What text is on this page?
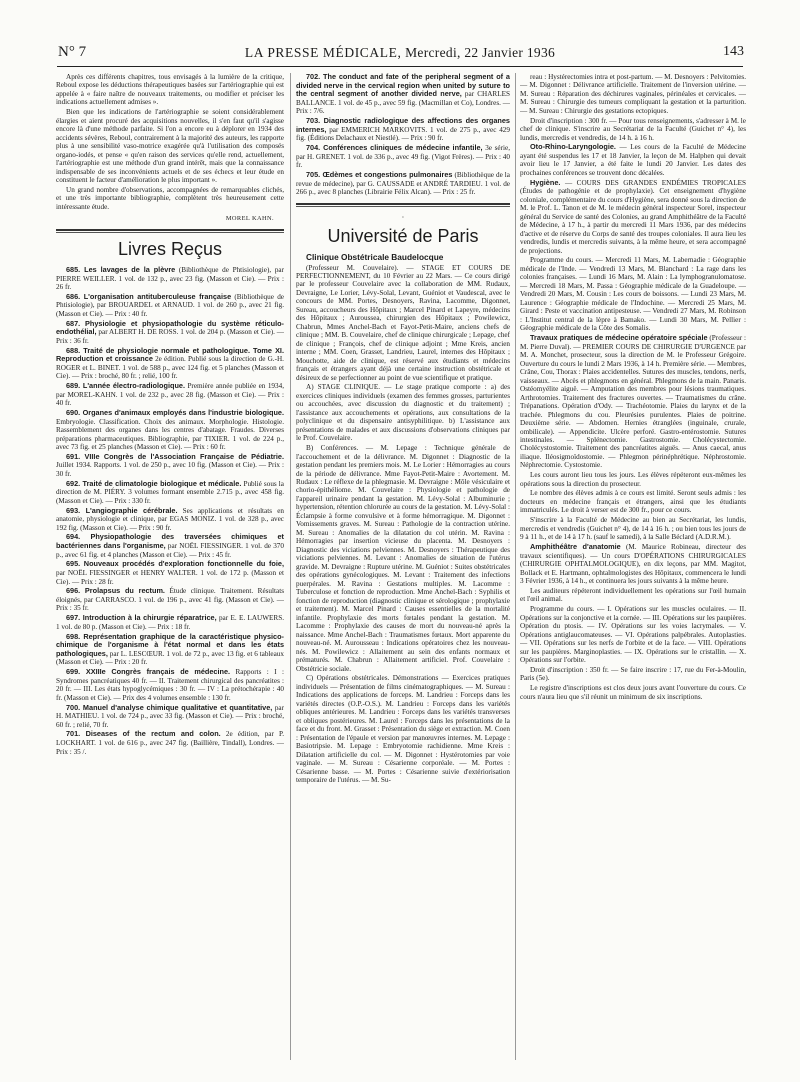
N° 7	LA PRESSE MÉDICALE, Mercredi, 22 Janvier 1936	143

Après ces différents chapitres, tous envisagés à la lumière de la critique, Reboul expose les déductions thérapeutiques basées sur l'artériographie qui est appelée à « faire naître de nouveaux traitements, ou modifier et préciser les indications actuellement admises ».

Bien que les indications de l'artériographie se soient considérablement élargies et aient procuré des acquisitions nouvelles, il s'en faut qu'il s'agisse encore là d'une méthode parfaite. Si l'on a encore eu à déplorer en 1934 des accidents sévères, Reboul, contrairement à la majorité des auteurs, les rapporte plus à une sensibilité vaso-motrice exagérée qu'à l'utilisation des composés organo-iodés, et pense « qu'en raison des services qu'elle rend, actuellement, l'artériographie est une méthode d'un grand intérêt, mais que la connaissance indispensable de ses inconvénients actuels et de ses échecs et leur étude en constituent le facteur d'amélioration le plus important ».

Un grand nombre d'observations, accompagnées de remarquables clichés, et une très importante bibliographie, complètent très heureusement cette intéressante étude.

MOREL KAHN.
Livres Reçus

685. Les lavages de la plèvre (Bibliothèque de Phtisiologie), par PIERRE WEILLER. 1 vol. de 132 p., avec 23 fig. (Masson et Cie). — Prix : 26 fr.

686. L'organisation antituberculeuse française (Bibliothèque de Phtisiologie), par BROUARDEL et ARNAUD. 1 vol. de 260 p., avec 21 fig. (Masson et Cie). — Prix : 40 fr.

687. Physiologie et physiopathologie du système réticulo-endothélial, par ALBERT H. DE ROSS. 1 vol. de 204 p. (Masson et Cie). — Prix : 36 fr.

688. Traité de physiologie normale et pathologique. Tome XI. Reproduction et croissance 2e édition. Publié sous la direction de G.-H. ROGER et L. BINET. 1 vol. de 588 p., avec 124 fig. et 5 planches (Masson et Cie). — Prix : broché, 80 fr. ; relié, 100 fr.

689. L'année électro-radiologique. Première année publiée en 1934, par MOREL-KAHN. 1 vol. de 232 p., avec 28 fig. (Masson et Cie). — Prix : 40 fr.

690. Organes d'animaux employés dans l'industrie biologique. Embryologie. Classification. Choix des animaux. Morphologie. Histologie. Rassemblement des organes dans les centres d'abatage. Fraudes. Diverses préparations pharmaceutiques. Bibliographie, par TIXIER. 1 vol. de 224 p., avec 73 fig. et 25 planches (Masson et Cie). — Prix : 60 fr.

691. VIIIe Congrès de l'Association Française de Pédiatrie. Juillet 1934. Rapports. 1 vol. de 250 p., avec 10 fig. (Masson et Cie). — Prix : 30 fr.

692. Traité de climatologie biologique et médicale. Publié sous la direction de M. PIÉRY. 3 volumes formant ensemble 2.715 p., avec 458 fig. (Masson et Cie). — Prix : 330 fr.

693. L'angiographie cérébrale. Ses applications et résultats en anatomie, physiologie et clinique, par EGAS MONIZ. 1 vol. de 328 p., avec 192 fig. (Masson et Cie). — Prix : 90 fr.

694. Physiopathologie des traversées chimiques et bactériennes dans l'organisme, par NOËL FIESSINGER. 1 vol. de 370 p., avec 61 fig. et 4 planches (Masson et Cie). — Prix : 45 fr.

695. Nouveaux procédés d'exploration fonctionnelle du foie, par NOËL FIESSINGER et HENRY WALTER. 1 vol. de 172 p. (Masson et Cie). — Prix : 28 fr.

696. Prolapsus du rectum. Étude clinique. Traitement. Résultats éloignés, par CARRASCO. 1 vol. de 196 p., avec 41 fig. (Masson et Cie). — Prix : 35 fr.

697. Introduction à la chirurgie réparatrice, par E. E. LAUWERS. 1 vol. de 80 p. (Masson et Cie). — Prix : 18 fr.

698. Représentation graphique de la caractéristique physico-chimique de l'organisme à l'état normal et dans les états pathologiques, par L. LESCŒUR. 1 vol. de 72 p., avec 13 fig. et 6 tableaux (Masson et Cie). — Prix : 20 fr.

699. XXIIIe Congrès français de médecine. Rapports : I : Syndromes pancréatiques 40 fr. — II. Traitement chirurgical des pancréatites : 20 fr. — III. Les états hypoglycémiques : 30 fr. — IV : La prétochérapie : 40 fr. (Masson et Cie). — Prix des 4 volumes ensemble : 130 fr.

700. Manuel d'analyse chimique qualitative et quantitative, par H. MATHIEU. 1 vol. de 724 p., avec 33 fig. (Masson et Cie). — Prix : broché, 60 fr. ; relié, 70 fr.

701. Diseases of the rectum and colon. 2e édition, par P. LOCKHART. 1 vol. de 616 p., avec 247 fig. (Baillière, Tindall), Londres. — Prix : 35 /.

702. The conduct and fate of the peripheral segment of a divided nerve in the cervical region when united by suture to the central segment of another divided nerve, par CHARLES BALLANCE. 1 vol. de 45 p., avec 59 fig. (Macmillan et Co), Londres. — Prix : 7/6.

703. Diagnostic radiologique des affections des organes internes, par EMMERICH MARKOVITS. 1 vol. de 275 p., avec 429 fig. (Éditions Delachaux et Niestlé). — Prix : 90 fr.

704. Conférences cliniques de médecine infantile, 3e série, par H. GRENET. 1 vol. de 336 p., avec 49 fig. (Vigot Frères). — Prix : 40 fr.

705. Œdèmes et congestions pulmonaires (Bibliothèque de la revue de médecine), par G. CAUSSADE et ANDRÉ TARDIEU. 1 vol. de 266 p., avec 8 planches (Librairie Félix Alcan). — Prix : 25 fr.

·
Université de Paris
Clinique Obstétricale Baudelocque

(Professeur M. Couvelaire). — STAGE ET COURS DE PERFECTIONNEMENT, du 10 Février au 22 Mars. — Ce cours dirigé par le professeur Couvelaire avec la collaboration de MM. Rudaux, Devraigne, Le Lorier, Lévy-Solal, Levant, Guéniot et Vaudescal, avec le concours de MM. Portes, Desnoyers, Ravina, Lacomme, Digonnet, Sureau, accoucheurs des Hôpitaux ; Marcel Pinard et Lapeyre, médecins des Hôpitaux ; Auroussea, chirurgien des Hôpitaux ; Powilewicz, Chabrun, Mmes Anchel-Bach et Fayot-Petit-Maire, anciens chefs de clinique ; MM. B. Couvelaire, chef de clinique chirurgicale ; Lepage, chef de clinique ; François, chef de clinique adjoint ; Mme Kreis, ancien interne ; MM. Coen, Grasset, Landrieu, Laurel, internes des Hôpitaux ; Mouchotte, aide de clinique, est réservé aux étudiants et médecins français et étrangers ayant déjà une certaine instruction obstétricale et désireux de se perfectionner au point de vue scientifique et pratique.

A) STAGE CLINIQUE. — Le stage pratique comporte : a) des exercices cliniques individuels (examen des femmes grosses, parturientes ou accouchées, avec discussion du diagnostic et du traitement) ; l'assistance aux accouchements et opérations, aux consultations de la polyclinique et du dispensaire antisyphilitique. b) L'assistance aux présentations de malades et aux discussions d'observations cliniques par le Prof. Couvelaire.

B) Conférences. — M. Lepage : Technique générale de l'accouchement et de la délivrance. M. Digonnet : Diagnostic de la gestation pendant les premiers mois. M. Le Lorier : Hémorragies au cours de la période de délivrance. Mme Fayot-Petit-Maire : Avortement. M. Rudaux : Le réflexe de la phlegmasie. M. Devraigne : Môle vésiculaire et chorio-épithéliome. M. Couvelaire : Physiologie et pathologie de l'appareil urinaire pendant la gestation. M. Lévy-Solal : Albuminurie ; hypertension, rétention chlorurée au cours de la gestation. M. Lévy-Solal : Éclampsie à forme convulsive et à forme hémorragique. M. Digonnet : Vomissements graves. M. Sureau : Pathologie de la contraction utérine. M. Sureau : Anomalies de la dilatation du col utérin. M. Ravina : Hémorragies par insertion vicieuse du placenta. M. Desnoyers : Diagnostic des viciations pelviennes. M. Desnoyers : Thérapeutique des viciations pelviennes. M. Levant : Anomalies de situation de l'utérus gravide. M. Devraigne : Rupture utérine. M. Guéniot : Suites obstétricales des opérations gynécologiques. M. Levant : Traitement des infections puerpérales. M. Ravina : Gestations multiples. M. Lacomme : Tuberculose et fonction de reproduction. Mme Anchel-Bach : Syphilis et fonction de reproduction (diagnostic clinique et sérologique ; prophylaxie et traitement). M. Marcel Pinard : Causes essentielles de la mortalité infantile. Prophylaxie des morts fœtales pendant la gestation. M. Lacomme : Prophylaxie des causes de mort du nouveau-né après la naissance. Mme Anchel-Bach : Traumatismes fœtaux. Mort apparente du nouveau-né. M. Aurousseau : Indications opératoires chez les nouveau-nés. M. Powilewicz : Allaitement au sein des enfants normaux et prématurés. M. Chabrun : Allaitement artificiel. Prof. Couvelaire : Obstétricie sociale.

C) Opérations obstétricales. Démonstrations — Exercices pratiques individuels — Présentation de films cinématographiques. — M. Sureau : Indications des applications de forceps. M. Landrieu : Forceps dans les variétés directes (O.P.-O.S.). M. Landrieu : Forceps dans les variétés obliques antérieures. M. Landrieu : Forceps dans les variétés transverses et obliques postérieures. M. Laurel : Forceps dans les présentations de la face et du front. M. Grasset : Présentation du siège et extraction. M. Coen : Présentation de l'épaule et version par manœuvres internes. M. Lepage : Basiotripsie. M. Lepage : Embryotomie rachidienne. Mme Kreis : Dilatation artificielle du col. — M. Digonnet : Hystérotomies par voie vaginale. — M. Sureau : Césarienne corporéale. — M. Portes : Césarienne basse. — M. Portes : Césarienne suivie d'extériorisation temporaire de l'utérus. — M. Su-

reau : Hystérectomies intra et post-partum. — M. Desnoyers : Pelvitomies. — M. Digonnet : Délivrance artificielle. Traitement de l'inversion utérine. — M. Sureau : Réparation des déchirures vaginales, périnéales et cervicales. — M. Sureau : Chirurgie des tumeurs compliquant la gestation et la parturition. — M. Sureau : Chirurgie des gestations ectopiques.

Droit d'inscription : 300 fr. — Pour tous renseignements, s'adresser à M. le chef de clinique. S'inscrire au Secrétariat de la Faculté (Guichet n° 4), les lundis, mercredis et vendredis, de 14 h. à 16 h.

Oto-Rhino-Laryngologie. — Les cours de la Faculté de Médecine ayant été suspendus les 17 et 18 Janvier, la leçon de M. Halphen qui devait avoir lieu le 17 Janvier, a été faite le lundi 20 Janvier. Les dates des prochaines conférences se trouvent donc décalées.

Hygiène. — COURS DES GRANDES ENDÉMIES TROPICALES (Études de pathogénie et de prophylaxie). Cet enseignement d'hygiène coloniale, complémentaire du cours d'Hygiène, sera donné sous la direction de M. le Prof. L. Tanon et de M. le médecin général inspecteur Sorel, inspecteur général du Service de santé des Colonies, au grand Amphithéâtre de la Faculté de Médecine, à 17 h., à partir du mercredi 11 Mars 1936, par des médecins d'active et de réserve du Corps de santé des troupes coloniales. Il aura lieu les vendredis, lundis et mercredis suivants, à la même heure, et sera accompagné de projections.

Programme du cours. — Mercredi 11 Mars, M. Labernadie : Géographie médicale de l'Inde. — Vendredi 13 Mars, M. Blanchard : La rage dans les colonies françaises. — Lundi 16 Mars, M. Alain : La lymphogranulomatose. — Mercredi 18 Mars, M. Passa : Géographie médicale de la Guadeloupe. — Vendredi 20 Mars, M. Cousin : Les cours de boissons. — Lundi 23 Mars, M. Laurence : Géographie médicale de l'Indochine. — Mercredi 25 Mars, M. Girard : Peste et vaccination antipesteuse. — Vendredi 27 Mars, M. Robinson : L'Institut central de la lèpre à Bamako. — Lundi 30 Mars, M. Pellier : Géographie médicale de la Côte des Somalis.

Travaux pratiques de médecine opératoire spéciale (Professeur : M. Pierre Duval). — PREMIER COURS DE CHIRURGIE D'URGENCE par M. A. Monchet, prosecteur, sous la direction de M. le Professeur Grégoire. Ouverture du cours le lundi 2 Mars 1936, à 14 h. Première série. — Membres, Crâne, Cou, Thorax : Plaies accidentelles. Sutures des muscles, tendons, nerfs, vaisseaux. — Abcès et phlegmons en général. Phlegmons de la main. Panaris. Ostéomyélite aiguë. — Amputation des membres pour lésions traumatiques. Arthrotomies. Traitement des fractures ouvertes. — Traumatismes du crâne. Trépanations. Opération d'Ody. — Trachéotomie. Plaies du larynx et de la trachée. Phlegmons du cou. Pleurésies purulentes. Plaies de poitrine. Deuxième série. — Abdomen. Hernies étranglées (inguinale, crurale, ombilicale). — Appendicite. Ulcère perforé. Gastro-entérostomie. Sutures intestinales. — Splénectomie. Gastrostomie. Cholécystectomie. Cholécystostomie. Traitement des pancréatites aiguës. — Anus caecal, anus iliaque. Iléosigmoïdostomie. — Phlegmon périnéphrétique. Néphrostomie. Néphrectomie. Cystostomie.

Les cours auront lieu tous les jours. Les élèves répéteront eux-mêmes les opérations sous la direction du prosecteur.

Le nombre des élèves admis à ce cours est limité. Seront seuls admis : les docteurs en médecine français et étrangers, ainsi que les étudiants immatriculés. Le droit à verser est de 300 fr., pour ce cours.

S'inscrire à la Faculté de Médecine au bien au Secrétariat, les lundis, mercredis et vendredis (Guichet n° 4), de 14 à 16 h. ; ou bien tous les jours de 9 à 11 h., et de 14 à 17 h. (sauf le samedi), à la Salle Béclard (A.D.R.M.).

Amphithéâtre d'anatomie (M. Maurice Robineau, directeur des travaux scientifiques). — Un cours D'OPÉRATIONS CHIRURGICALES (CHIRURGIE OPHTALMOLOGIQUE), en dix leçons, par MM. Magitot, Bollack et E. Hartmann, ophtalmologistes des Hôpitaux, commencera le lundi 3 Février 1936, à 14 h., et continuera les jours suivants à la même heure.

Les auditeurs répéteront individuellement les opérations sur l'œil humain et l'œil animal.

Programme du cours. — I. Opérations sur les muscles oculaires. — II. Opérations sur la conjonctive et la cornée. — III. Opérations sur les paupières. Opération du ptosis. — IV. Opérations sur les voies lacrymales. — V. Opérations antiglaucomateuses. — VI. Opérations palpébrales. Autoplasties. — VII. Opérations sur les nerfs de l'orbite et de la face. — VIII. Opérations sur les paupières. Marginoplasties. — IX. Opérations sur le cristallin. — X. Opérations sur l'orbite.

Droit d'inscription : 350 fr. — Se faire inscrire : 17, rue du Fer-à-Moulin, Paris (5e).

Le registre d'inscriptions est clos deux jours avant l'ouverture du cours. Ce cours n'aura lieu que s'il réunit un minimum de six inscriptions.
